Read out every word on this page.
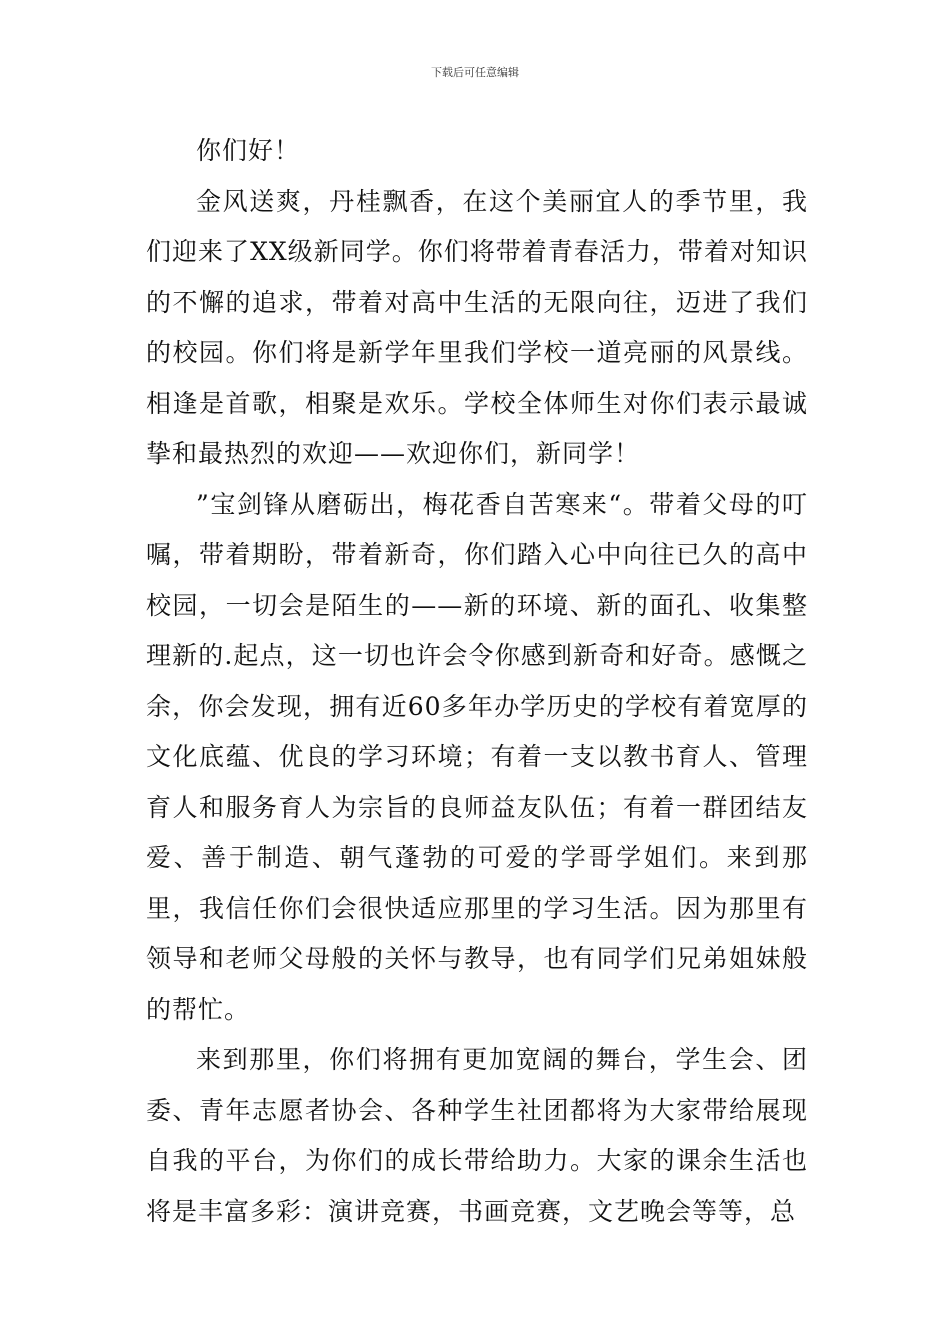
下载后可任意编辑

你们好！

金风送爽，丹桂飘香，在这个美丽宜人的季节里，我们迎来了XX级新同学。你们将带着青春活力，带着对知识的不懈的追求，带着对高中生活的无限向往，迈进了我们的校园。你们将是新学年里我们学校一道亮丽的风景线。相逢是首歌，相聚是欢乐。学校全体师生对你们表示最诚挚和最热烈的欢迎——欢迎你们，新同学！

”宝剑锋从磨砺出，梅花香自苦寒来“。带着父母的叮嘱，带着期盼，带着新奇，你们踏入心中向往已久的高中校园，一切会是陌生的——新的环境、新的面孔、收集整理新的.起点，这一切也许会令你感到新奇和好奇。感慨之余，你会发现，拥有近60多年办学历史的学校有着宽厚的文化底蕴、优良的学习环境；有着一支以教书育人、管理育人和服务育人为宗旨的良师益友队伍；有着一群团结友爱、善于制造、朝气蓬勃的可爱的学哥学姐们。来到那里，我信任你们会很快适应那里的学习生活。因为那里有领导和老师父母般的关怀与教导，也有同学们兄弟姐妹般的帮忙。

来到那里，你们将拥有更加宽阔的舞台，学生会、团委、青年志愿者协会、各种学生社团都将为大家带给展现自我的平台，为你们的成长带给助力。大家的课余生活也将是丰富多彩：演讲竞赛，书画竞赛，文艺晚会等等，总
